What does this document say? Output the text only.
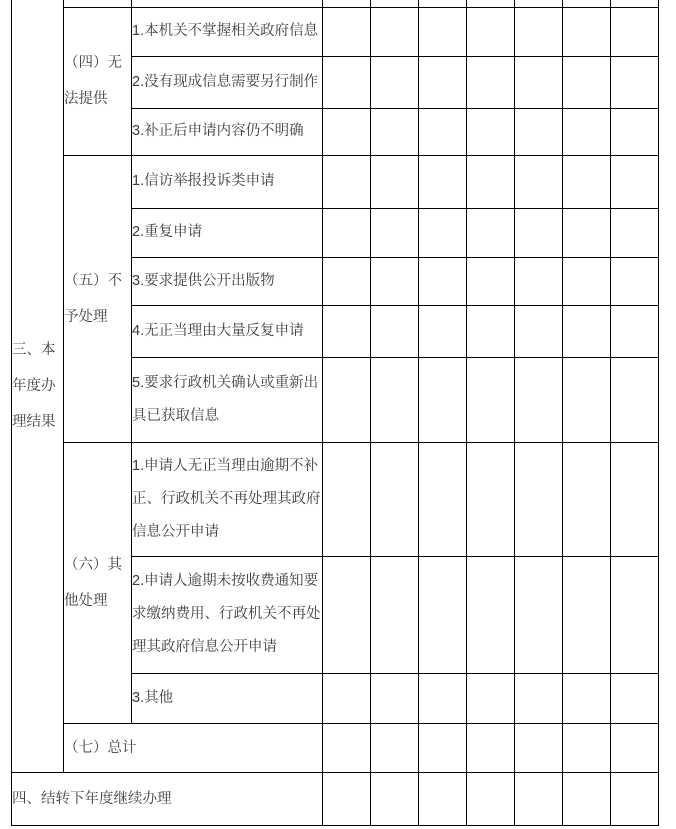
三、本年度办理结果									
	（四）无法提供	1.本机关不掌握相关政府信息							
		2.没有现成信息需要另行制作							
		3.补正后申请内容仍不明确							
	（五）不予处理	1.信访举报投诉类申请							
		2.重复申请							
		3.要求提供公开出版物							
		4.无正当理由大量反复申请							
		5.要求行政机关确认或重新出具已获取信息							
	（六）其他处理	1.申请人无正当理由逾期不补正、行政机关不再处理其政府信息公开申请							
		2.申请人逾期未按收费通知要求缴纳费用、行政机关不再处理其政府信息公开申请							
		3.其他							
	（七）总计								
四、结转下年度继续办理									
